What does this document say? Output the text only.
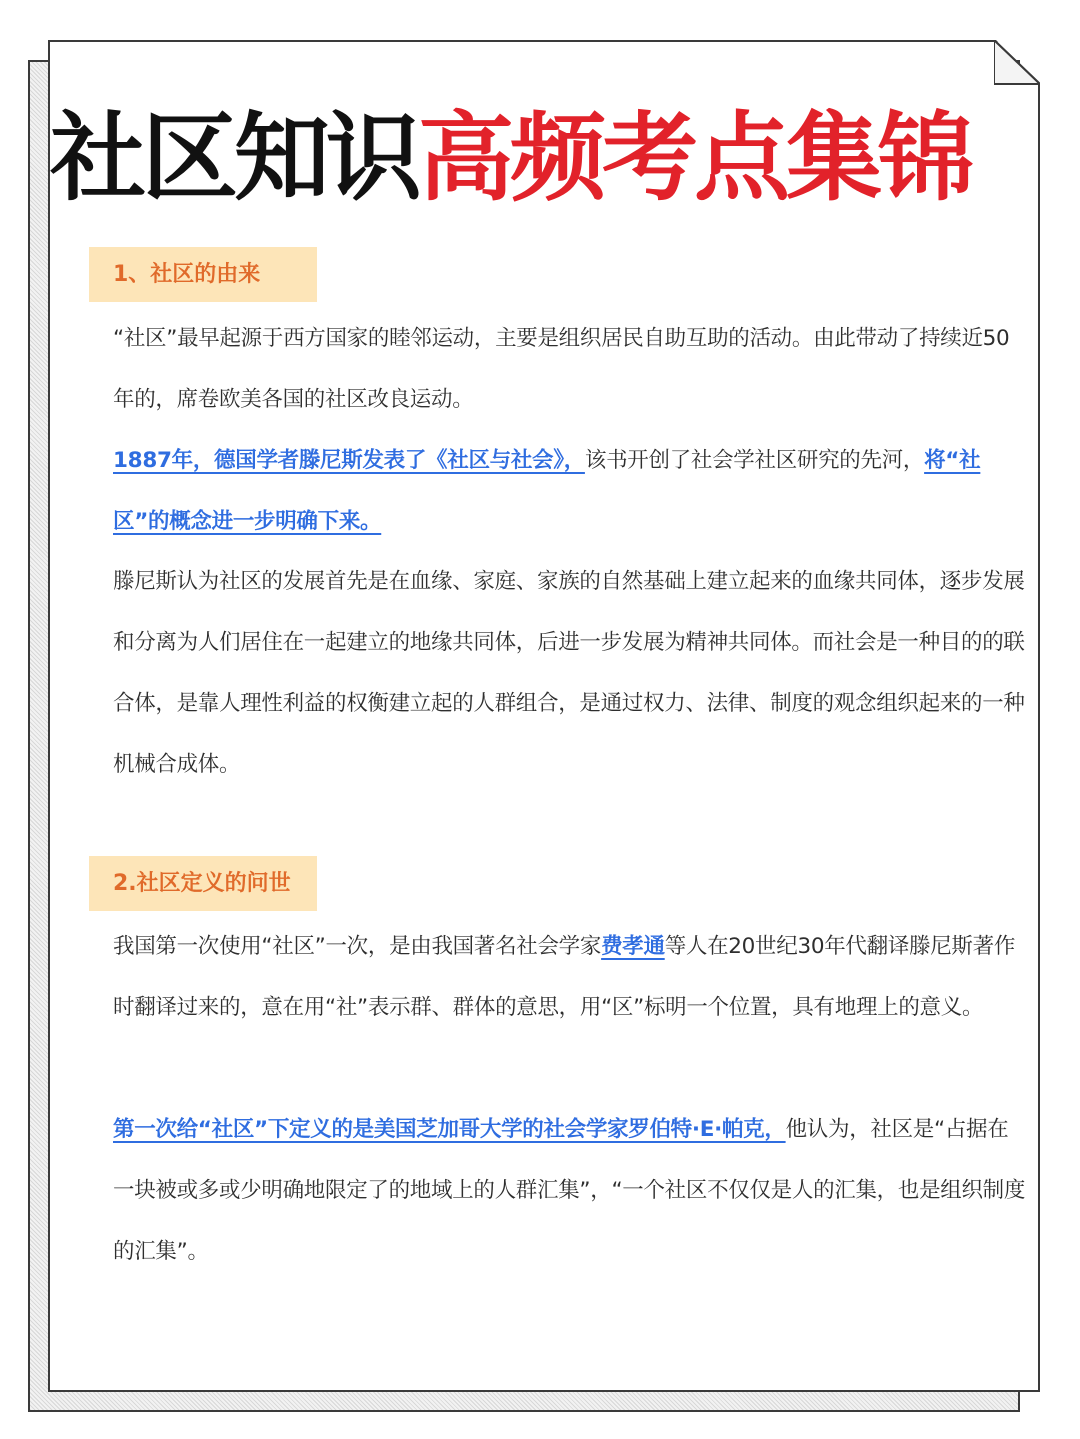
社区知识高频考点集锦
1、社区的由来
“社区”最早起源于西方国家的睦邻运动，主要是组织居民自助互助的活动。由此带动了持续近50年的，席卷欧美各国的社区改良运动。
1887年，德国学者滕尼斯发表了《社区与社会》，该书开创了社会学社区研究的先河，将“社区”的概念进一步明确下来。
滕尼斯认为社区的发展首先是在血缘、家庭、家族的自然基础上建立起来的血缘共同体，逐步发展和分离为人们居住在一起建立的地缘共同体，后进一步发展为精神共同体。而社会是一种目的的联合体，是靠人理性利益的权衡建立起的人群组合，是通过权力、法律、制度的观念组织起来的一种机械合成体。
2.社区定义的问世
我国第一次使用“社区”一次，是由我国著名社会学家费孝通等人在20世纪30年代翻译滕尼斯著作时翻译过来的，意在用“社”表示群、群体的意思，用“区”标明一个位置，具有地理上的意义。
第一次给“社区”下定义的是美国芝加哥大学的社会学家罗伯特·E·帕克，他认为，社区是“占据在一块被或多或少明确地限定了的地域上的人群汇集”，“一个社区不仅仅是人的汇集，也是组织制度的汇集”。
